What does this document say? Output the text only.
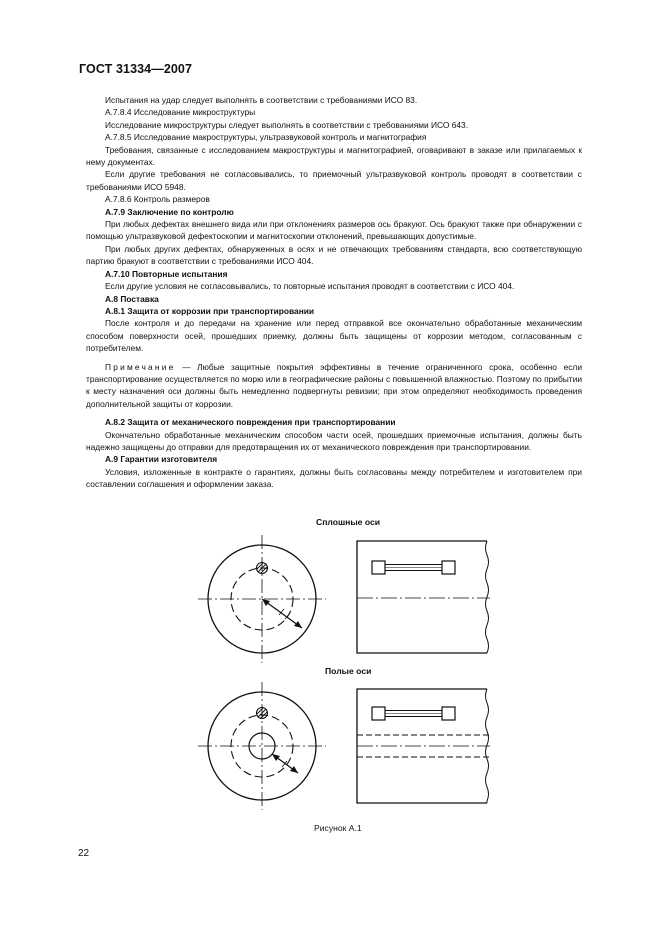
ГОСТ 31334—2007

Испытания на удар следует выполнять в соответствии с требованиями ИСО 83.

А.7.8.4 Исследование микроструктуры

Исследование микроструктуры следует выполнять в соответствии с требованиями ИСО 643.

А.7.8.5 Исследование макроструктуры, ультразвуковой контроль и магнитография

Требования, связанные с исследованием макроструктуры и магнитографией, оговаривают в заказе или прилагаемых к нему документах.

Если другие требования не согласовывались, то приемочный ультразвуковой контроль проводят в соответствии с требованиями ИСО 5948.

А.7.8.6 Контроль размеров

А.7.9 Заключение по контролю

При любых дефектах внешнего вида или при отклонениях размеров ось бракуют. Ось бракуют также при обнаружении с помощью ультразвуковой дефектоскопии и магнитоскопии отклонений, превышающих допустимые.

При любых других дефектах, обнаруженных в осях и не отвечающих требованиям стандарта, всю соответствующую партию бракуют в соответствии с требованиями ИСО 404.

А.7.10 Повторные испытания

Если другие условия не согласовывались, то повторные испытания проводят в соответствии с ИСО 404.

А.8 Поставка

А.8.1 Защита от коррозии при транспортировании

После контроля и до передачи на хранение или перед отправкой все окончательно обработанные механическим способом поверхности осей, прошедших приемку, должны быть защищены от коррозии методом, согласованным с потребителем.

Примечание — Любые защитные покрытия эффективны в течение ограниченного срока, особенно если транспортирование осуществляется по морю или в географические районы с повышенной влажностью. Поэтому по прибытии к месту назначения оси должны быть немедленно подвергнуты ревизии; при этом определяют необходимость проведения дополнительной защиты от коррозии.

А.8.2 Защита от механического повреждения при транспортировании

Окончательно обработанные механическим способом части осей, прошедших приемочные испытания, должны быть надежно защищены до отправки для предотвращения их от механического повреждения при транспортировании.

А.9 Гарантии изготовителя

Условия, изложенные в контракте о гарантиях, должны быть согласованы между потребителем и изготовителем при составлении соглашения и оформлении заказа.

Сплошные оси
Полые оси
Рисунок А.1
22
